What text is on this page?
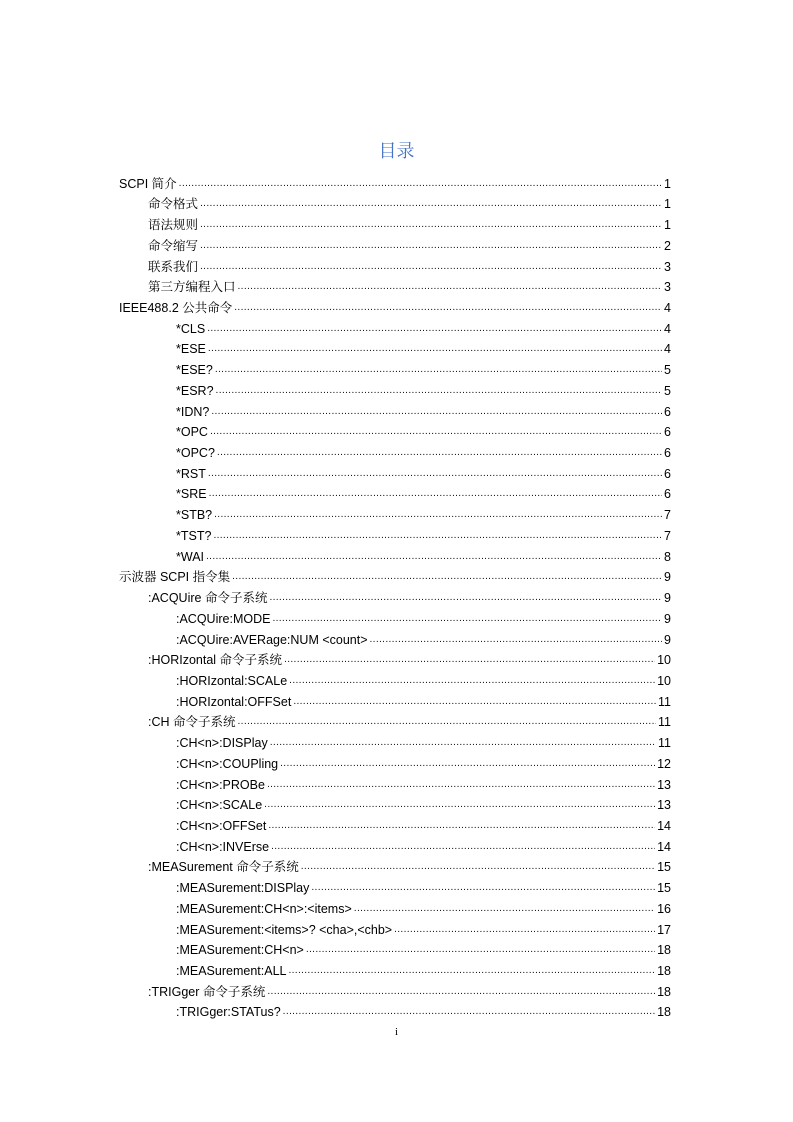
目录
SCPI 简介 .....	1
命令格式 .....	1
语法规则 .....	1
命令缩写 .....	2
联系我们 .....	3
第三方编程入口 .....	3
IEEE488.2 公共命令 .....	4
*CLS .....	4
*ESE .....	4
*ESE? .....	5
*ESR? .....	5
*IDN? .....	6
*OPC .....	6
*OPC? .....	6
*RST .....	6
*SRE .....	6
*STB? .....	7
*TST? .....	7
*WAI .....	8
示波器 SCPI 指令集 .....	9
:ACQUire 命令子系统 .....	9
:ACQUire:MODE .....	9
:ACQUire:AVERage:NUM <count> .....	9
:HORIzontal 命令子系统 .....	10
:HORIzontal:SCALe .....	10
:HORIzontal:OFFSet .....	11
:CH 命令子系统 .....	11
:CH<n>:DISPlay .....	11
:CH<n>:COUPling .....	12
:CH<n>:PROBe .....	13
:CH<n>:SCALe .....	13
:CH<n>:OFFSet .....	14
:CH<n>:INVErse .....	14
:MEASurement 命令子系统 .....	15
:MEASurement:DISPlay .....	15
:MEASurement:CH<n>:<items> .....	16
:MEASurement:<items>? <cha>,<chb> .....	17
:MEASurement:CH<n> .....	18
:MEASurement:ALL .....	18
:TRIGger 命令子系统 .....	18
:TRIGger:STATus? .....	18
i
